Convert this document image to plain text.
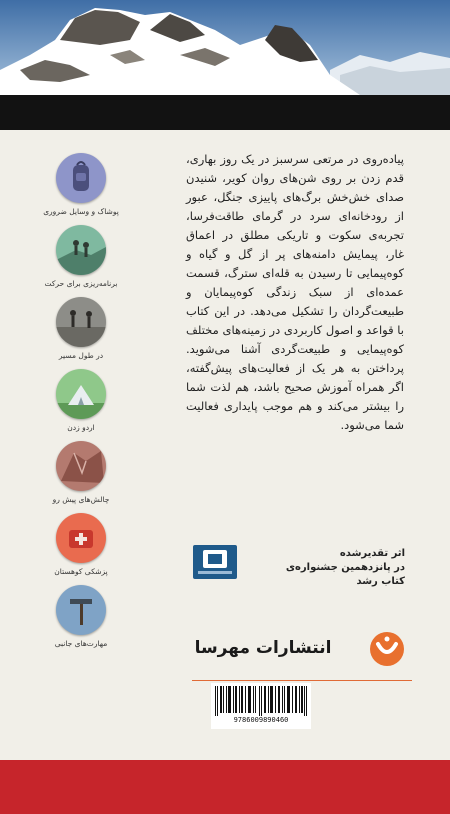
پیاده‌روی در مرتعی سرسبز در یک روز بهاری، قدم زدن بر روی شن‌های روان کویر، شنیدن صدای خش‌خش برگ‌های پاییزی جنگل، عبور از رودخانه‌ای سرد در گرمای طاقت‌فرسا، تجربه‌ی سکوت و تاریکی مطلق در اعماق غار، پیمایش دامنه‌های پر از گل و گیاه و کوه‌پیمایی تا رسیدن به قله‌ای سترگ، قسمت عمده‌ای از سبک زندگی کوه‌پیمایان و طبیعت‌گردان را تشکیل می‌دهد. در این کتاب با قواعد و اصول کاربردی در زمینه‌های مختلف کوه‌پیمایی و طبیعت‌گردی آشنا می‌شوید. پرداختن به هر یک از فعالیت‌های پیش‌گفته، اگر همراه آموزش صحیح باشد، هم لذت شما را بیشتر می‌کند و هم موجب پایداری فعالیت شما می‌شود.

پوشاک و وسایل ضروری
برنامه‌ریزی برای حرکت
در طول مسیر
اردو زدن
چالش‌های پیش رو
پزشکی کوهستان
مهارت‌های جانبی
اثر تقدیرشده
در پانزدهمین جشنواره‌ی
کتاب رشد
انتشارات مهرسا
9786009890460
